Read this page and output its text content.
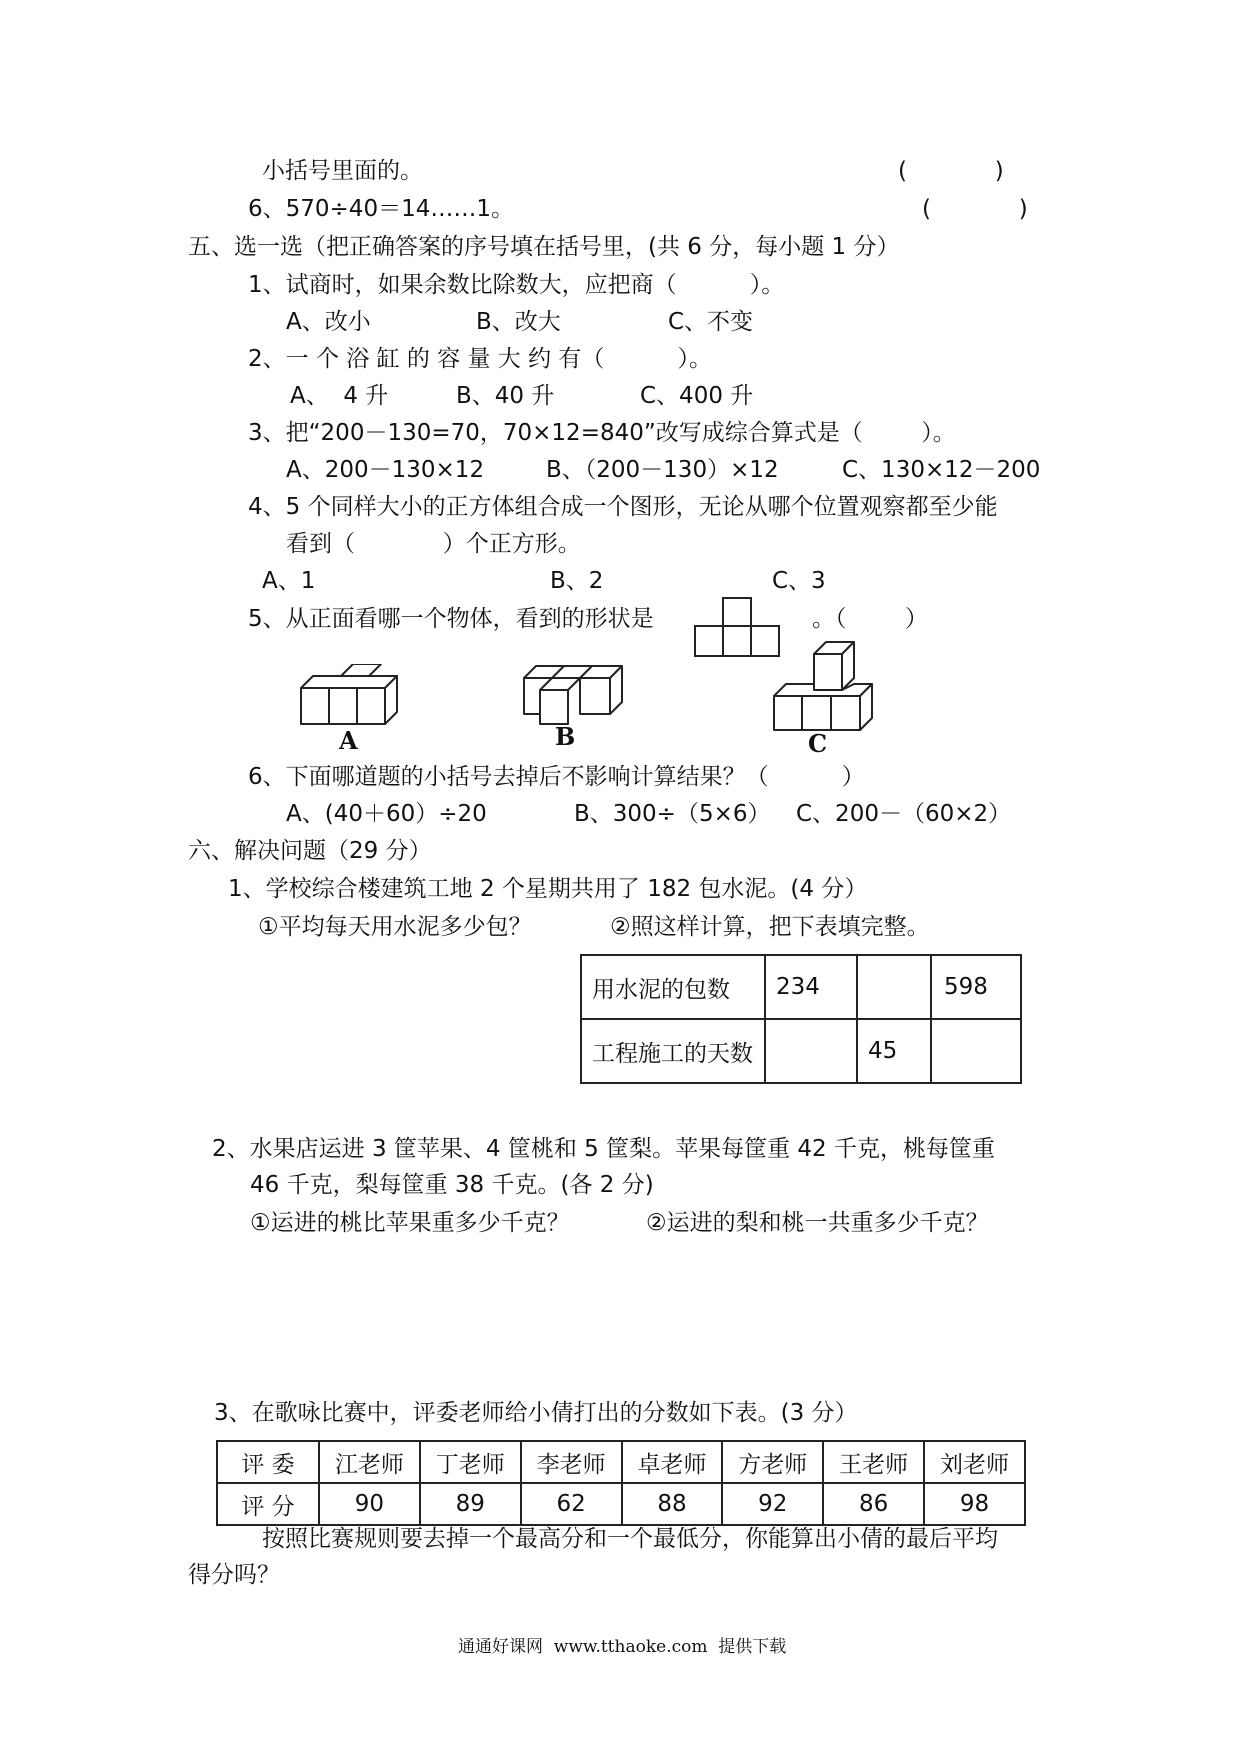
小括号里面的。	(            )
6、570÷40＝14……1。	(            )
五、选一选（把正确答案的序号填在括号里，(共 6 分，每小题 1 分）
1、试商时，如果余数比除数大，应把商（          ）。
A、改小	B、改大	C、不变
2、一 个 浴 缸 的 容 量 大 约 有（          ）。
A、  4 升	B、40 升	C、400 升
3、把“200－130=70，70×12=840”改写成综合算式是（        ）。
A、200－130×12	B、（200－130）×12	C、130×12－200
4、5 个同样大小的正方体组合成一个图形，无论从哪个位置观察都至少能
看到（            ）个正方形。
A、1	B、2	C、3
5、从正面看哪一个物体，看到的形状是	。（        ）
A	B	C
6、下面哪道题的小括号去掉后不影响计算结果？（          ）
A、(40＋60）÷20	B、300÷（5×6） C、200－（60×2）
六、解决问题（29 分）
1、学校综合楼建筑工地 2 个星期共用了 182 包水泥。(4 分）
①平均每天用水泥多少包？	②照这样计算，把下表填完整。
用水泥的包数	234		598
工程施工的天数		45	
2、水果店运进 3 筐苹果、4 筐桃和 5 筐梨。苹果每筐重 42 千克，桃每筐重
46 千克，梨每筐重 38 千克。(各 2 分)
①运进的桃比苹果重多少千克？	②运进的梨和桃一共重多少千克？
3、在歌咏比赛中，评委老师给小倩打出的分数如下表。(3 分）
评 委	江老师	丁老师	李老师	卓老师	方老师	王老师	刘老师
评 分	90	89	62	88	92	86	98
按照比赛规则要去掉一个最高分和一个最低分，你能算出小倩的最后平均
得分吗？
通通好课网  www.tthaoke.com  提供下载
